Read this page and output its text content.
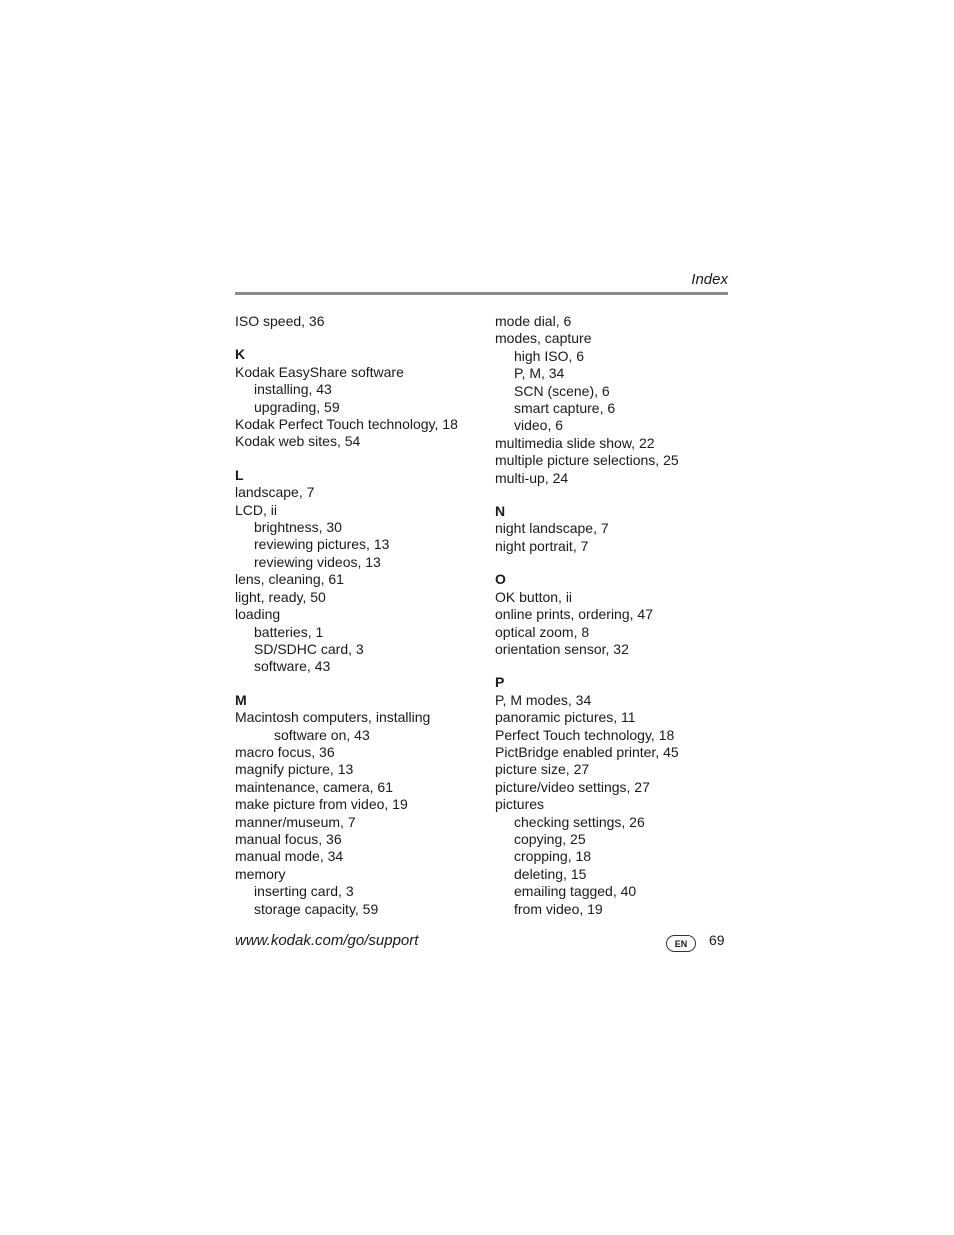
Index
ISO speed, 36
K
Kodak EasyShare software
installing, 43
upgrading, 59
Kodak Perfect Touch technology, 18
Kodak web sites, 54
L
landscape, 7
LCD, ii
brightness, 30
reviewing pictures, 13
reviewing videos, 13
lens, cleaning, 61
light, ready, 50
loading
batteries, 1
SD/SDHC card, 3
software, 43
M
Macintosh computers, installing
software on, 43
macro focus, 36
magnify picture, 13
maintenance, camera, 61
make picture from video, 19
manner/museum, 7
manual focus, 36
manual mode, 34
memory
inserting card, 3
storage capacity, 59
mode dial, 6
modes, capture
high ISO, 6
P, M, 34
SCN (scene), 6
smart capture, 6
video, 6
multimedia slide show, 22
multiple picture selections, 25
multi-up, 24
N
night landscape, 7
night portrait, 7
O
OK button, ii
online prints, ordering, 47
optical zoom, 8
orientation sensor, 32
P
P, M modes, 34
panoramic pictures, 11
Perfect Touch technology, 18
PictBridge enabled printer, 45
picture size, 27
picture/video settings, 27
pictures
checking settings, 26
copying, 25
cropping, 18
deleting, 15
emailing tagged, 40
from video, 19
www.kodak.com/go/support	EN	69
